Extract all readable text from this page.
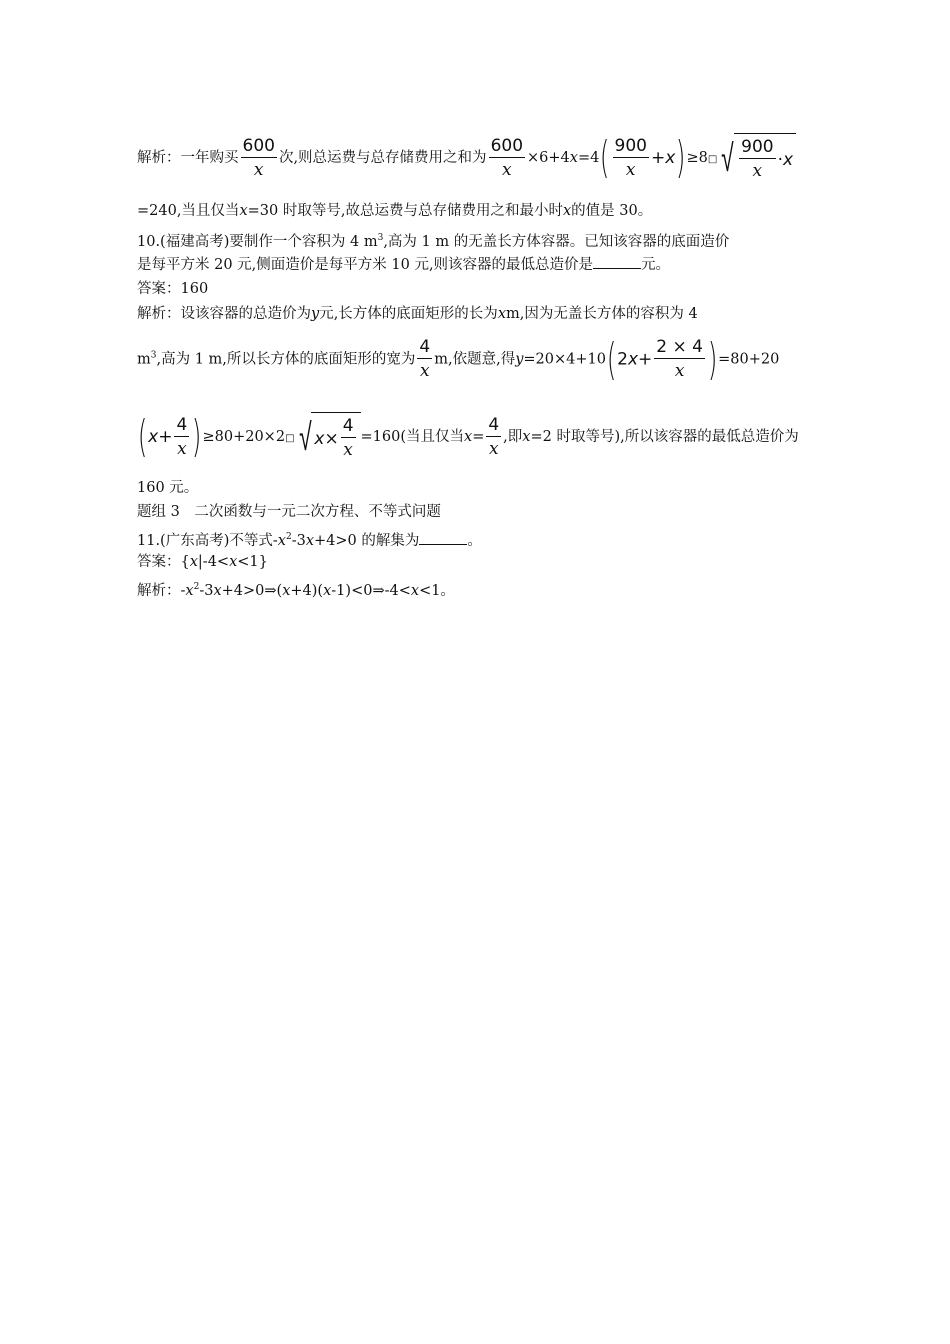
解析：一年购买 $\frac{600}{x}$ 次,则总运费与总存储费用之和为 $\frac{600}{x} \times 6+4x=4( \frac{900}{x} +x)\ge 8$ □ √ $\frac{900}{x} \cdot x$
=240,当且仅当x=30 时取等号,故总运费与总存储费用之和最小时x的值是 30。
10.(福建高考)要制作一个容积为 4 $m^3$,高为 1 m 的无盖长方体容器。已知该容器的底面造价
是每平方米 20 元,侧面造价是每平方米 10 元,则该容器的最低总造价是	元。
答案：160
解析：设该容器的总造价为y元,长方体的底面矩形的长为xm,因为无盖长方体的容积为 4
$m^3$,高为 1 m,所以长方体的底面矩形的宽为 $\frac{4}{x} m$,依题意,得$y=20\times 4+10(2x+ \frac{2 \times 4}{x} )=80+20$
$(x+ \frac{4}{x} )\ge 80+20\times 2$ □ √ $x \times \frac{4}{x} =160$(当且仅当$x= \frac{4}{x}$ ,即x=2 时取等号),所以该容器的最低总造价为
160 元。
题组 3　二次函数与一元二次方程、不等式问题
11.(广东高考)不等式$-x^2-3x+4>0$ 的解集为	。
答案：{x|-4<x<1}
解析：$-x^2-3x+4>0\Rightarrow(x+4)(x-1)<0\Rightarrow-4<x<1$。
